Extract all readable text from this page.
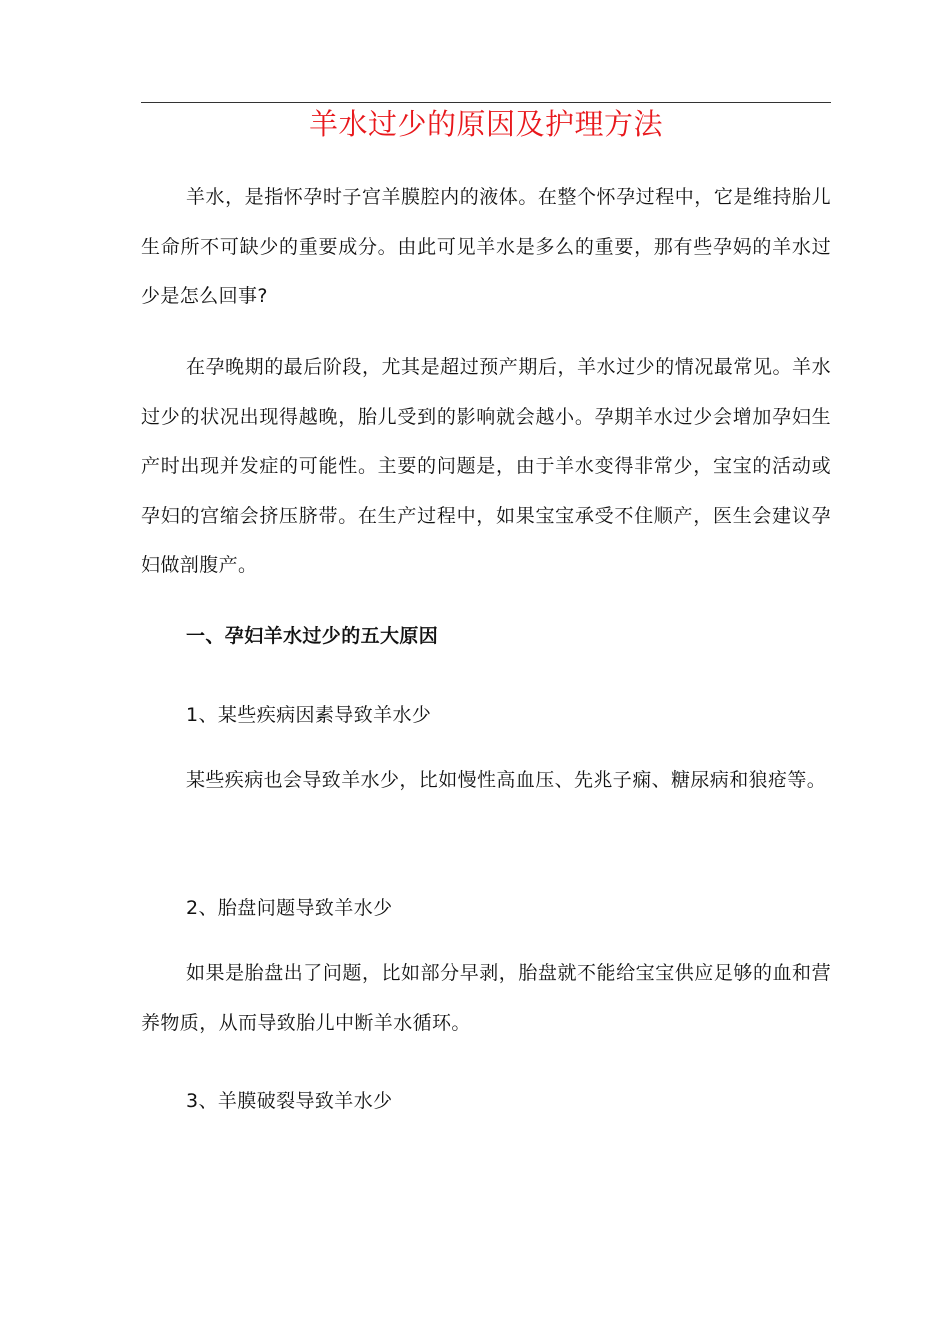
羊水过少的原因及护理方法

羊水，是指怀孕时子宫羊膜腔内的液体。在整个怀孕过程中，它是维持胎儿生命所不可缺少的重要成分。由此可见羊水是多么的重要，那有些孕妈的羊水过少是怎么回事?

在孕晚期的最后阶段，尤其是超过预产期后，羊水过少的情况最常见。羊水过少的状况出现得越晚，胎儿受到的影响就会越小。孕期羊水过少会增加孕妇生产时出现并发症的可能性。主要的问题是，由于羊水变得非常少，宝宝的活动或孕妇的宫缩会挤压脐带。在生产过程中，如果宝宝承受不住顺产，医生会建议孕妇做剖腹产。

一、孕妇羊水过少的五大原因

1、某些疾病因素导致羊水少

某些疾病也会导致羊水少，比如慢性高血压、先兆子痫、糖尿病和狼疮等。

2、胎盘问题导致羊水少

如果是胎盘出了问题，比如部分早剥，胎盘就不能给宝宝供应足够的血和营养物质，从而导致胎儿中断羊水循环。

3、羊膜破裂导致羊水少
